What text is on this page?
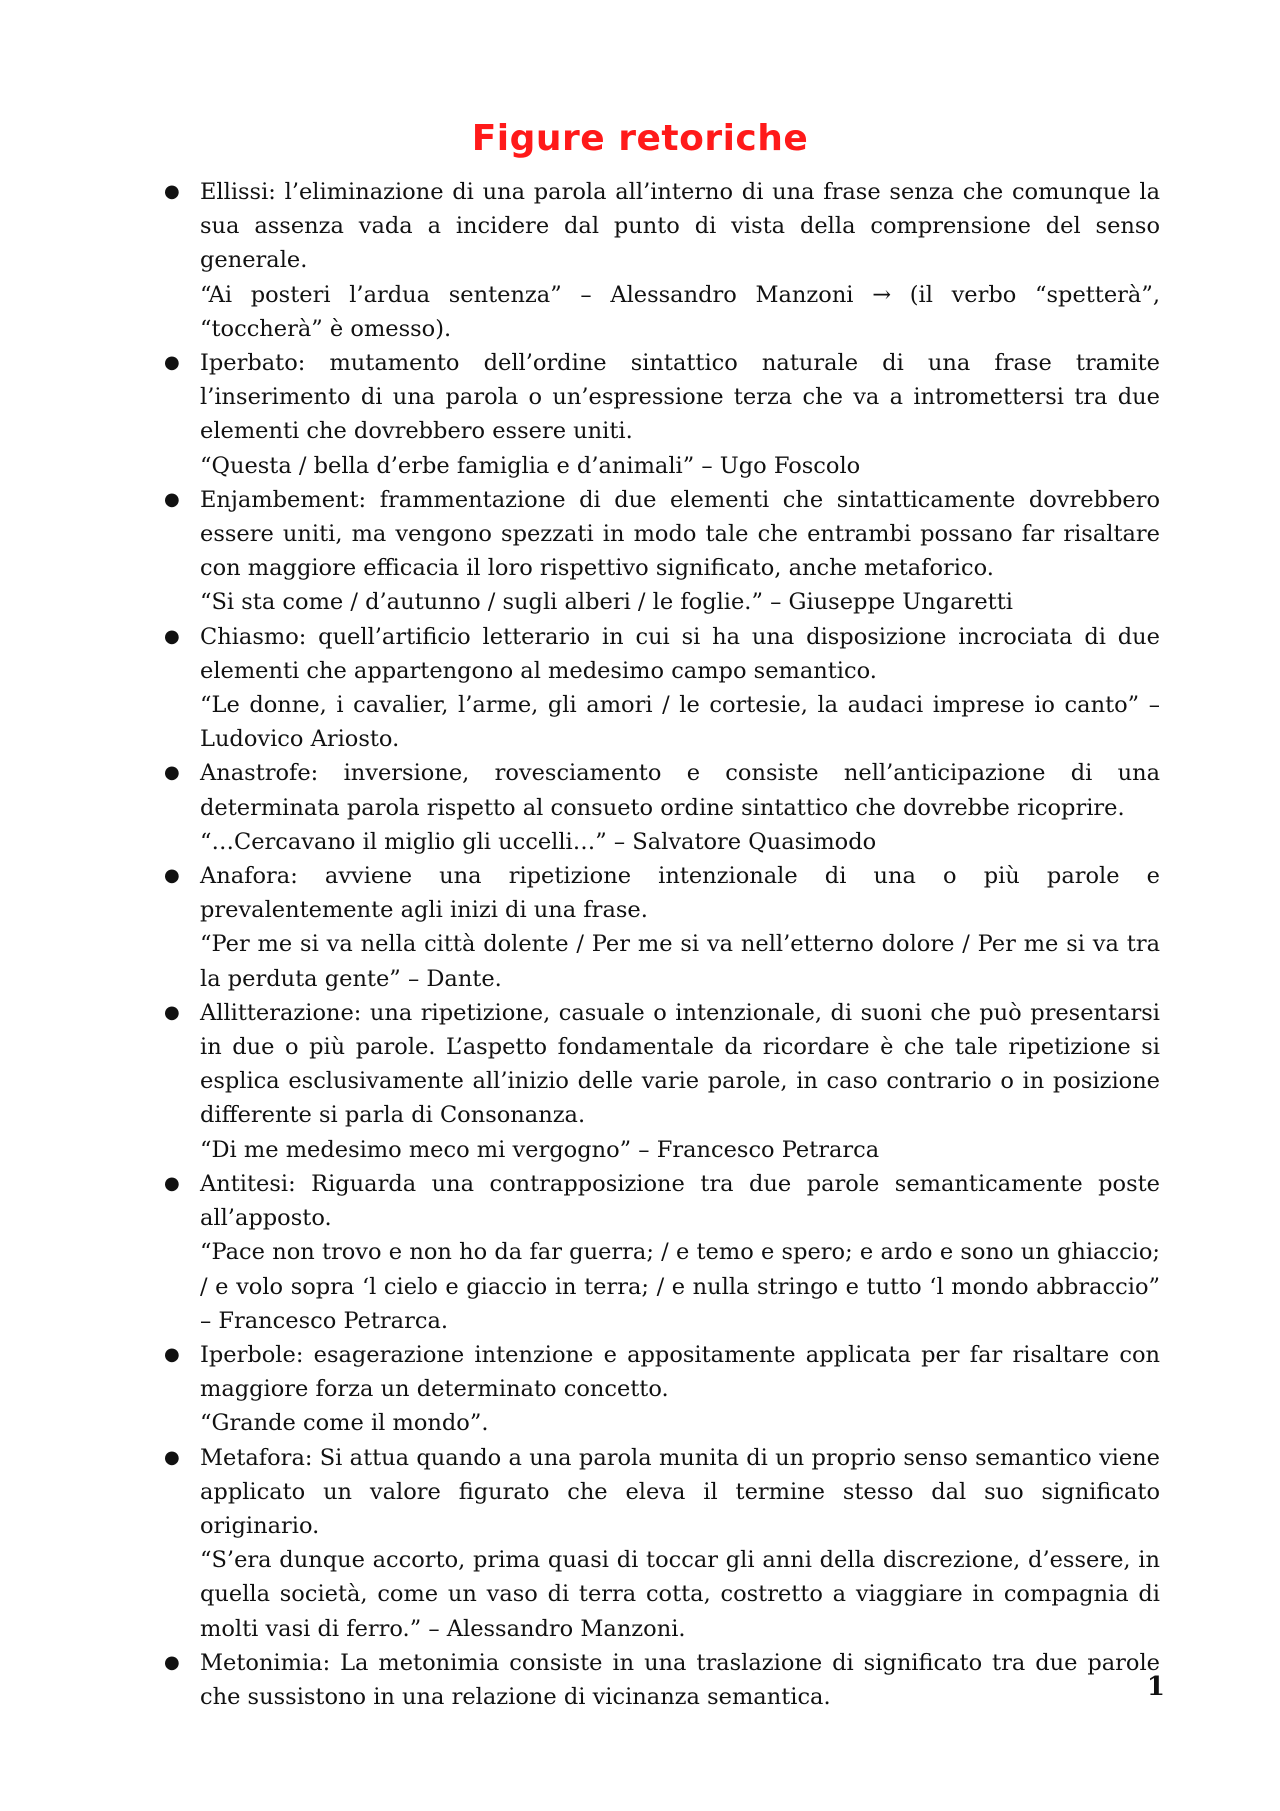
Figure retoriche
● Ellissi: l’eliminazione di una parola all’interno di una frase senza che comunque la sua assenza vada a incidere dal punto di vista della comprensione del senso generale.
“Ai posteri l’ardua sentenza” – Alessandro Manzoni → (il verbo “spetterà”, “toccherà” è omesso).
● Iperbato: mutamento dell’ordine sintattico naturale di una frase tramite l’inserimento di una parola o un’espressione terza che va a intromettersi tra due elementi che dovrebbero essere uniti.
“Questa / bella d’erbe famiglia e d’animali” – Ugo Foscolo
● Enjambement: frammentazione di due elementi che sintatticamente dovrebbero essere uniti, ma vengono spezzati in modo tale che entrambi possano far risaltare con maggiore efficacia il loro rispettivo significato, anche metaforico.
“Si sta come / d’autunno / sugli alberi / le foglie.” – Giuseppe Ungaretti
● Chiasmo: quell’artificio letterario in cui si ha una disposizione incrociata di due elementi che appartengono al medesimo campo semantico.
“Le donne, i cavalier, l’arme, gli amori / le cortesie, la audaci imprese io canto” – Ludovico Ariosto.
● Anastrofe: inversione, rovesciamento e consiste nell’anticipazione di una determinata parola rispetto al consueto ordine sintattico che dovrebbe ricoprire.
“…Cercavano il miglio gli uccelli…” – Salvatore Quasimodo
● Anafora: avviene una ripetizione intenzionale di una o più parole e prevalentemente agli inizi di una frase.
“Per me si va nella città dolente / Per me si va nell’etterno dolore / Per me si va tra la perduta gente” – Dante.
● Allitterazione: una ripetizione, casuale o intenzionale, di suoni che può presentarsi in due o più parole. L’aspetto fondamentale da ricordare è che tale ripetizione si esplica esclusivamente all’inizio delle varie parole, in caso contrario o in posizione differente si parla di Consonanza.
“Di me medesimo meco mi vergogno” – Francesco Petrarca
● Antitesi: Riguarda una contrapposizione tra due parole semanticamente poste all’apposto.
“Pace non trovo e non ho da far guerra; / e temo e spero; e ardo e sono un ghiaccio; / e volo sopra ‘l cielo e giaccio in terra; / e nulla stringo e tutto ‘l mondo abbraccio” – Francesco Petrarca.
● Iperbole: esagerazione intenzione e appositamente applicata per far risaltare con maggiore forza un determinato concetto.
“Grande come il mondo”.
● Metafora: Si attua quando a una parola munita di un proprio senso semantico viene applicato un valore figurato che eleva il termine stesso dal suo significato originario.
“S’era dunque accorto, prima quasi di toccar gli anni della discrezione, d’essere, in quella società, come un vaso di terra cotta, costretto a viaggiare in compagnia di molti vasi di ferro.” – Alessandro Manzoni.
● Metonimia: La metonimia consiste in una traslazione di significato tra due parole che sussistono in una relazione di vicinanza semantica.	1
